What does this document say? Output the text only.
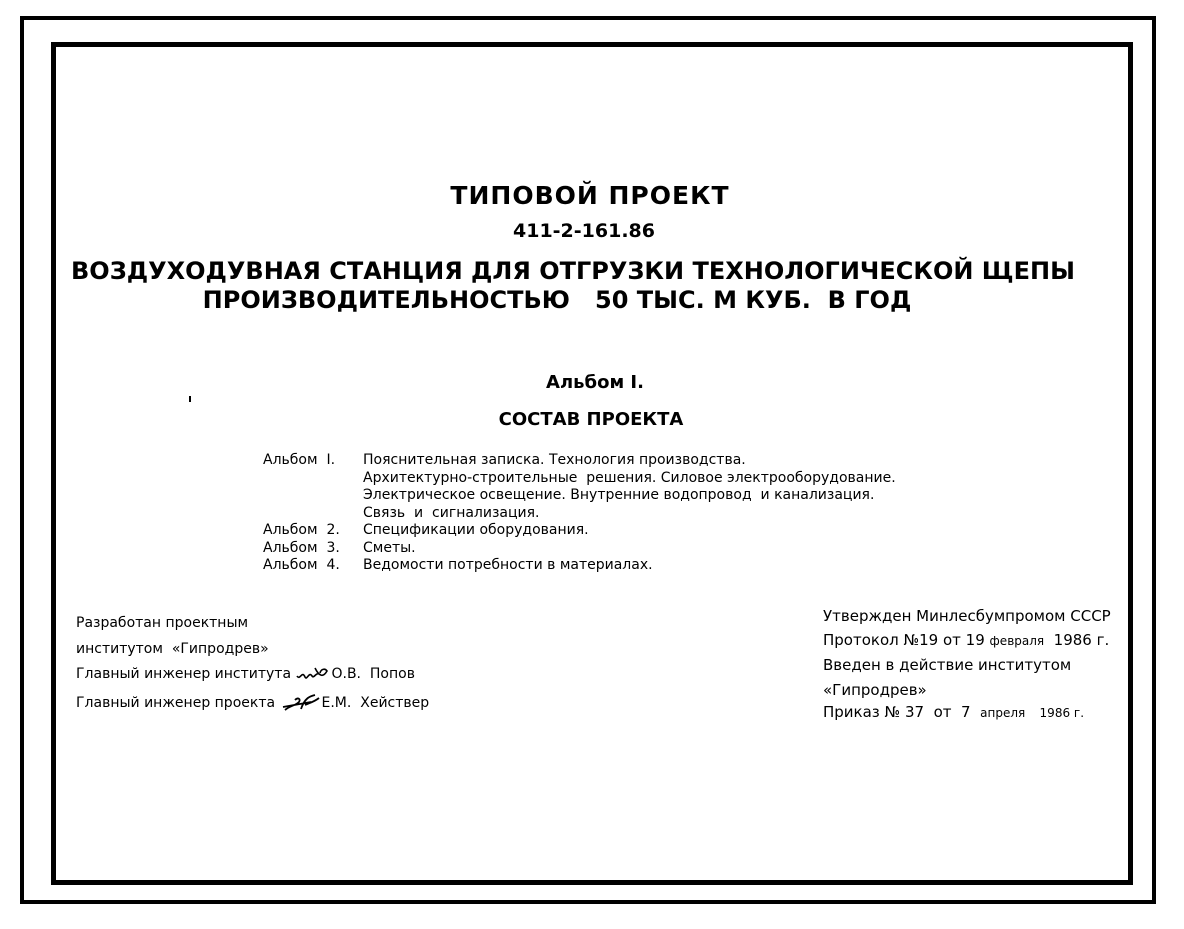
ТИПОВОЙ ПРОЕКТ
411-2-161.86
ВОЗДУХОДУВНАЯ СТАНЦИЯ ДЛЯ ОТГРУЗКИ ТЕХНОЛОГИЧЕСКОЙ ЩЕПЫ
ПРОИЗВОДИТЕЛЬНОСТЬЮ   50 ТЫС. М КУБ.  В ГОД
Альбом I.
СОСТАВ ПРОЕКТА
Альбом  I.	Пояснительная записка. Технология производства.
Архитектурно-строительные  решения. Силовое электрооборудование.
Электрическое освещение. Внутренние водопровод  и канализация.
Связь  и  сигнализация.
Альбом  2.	Спецификации оборудования.
Альбом  3.	Сметы.
Альбом  4.	Ведомости потребности в материалах.
Разработан проектным
институтом  «Гипродрев»
Главный инженер института	О.В.  Попов
Главный инженер проекта	Е.М.  Хействер
Утвержден Минлесбумпромом СССР
Протокол №19 от 19 февраля 1986 г.
Введен в действие институтом
«Гипродрев»
Приказ № 37 от 7 апреля 1986 г.
